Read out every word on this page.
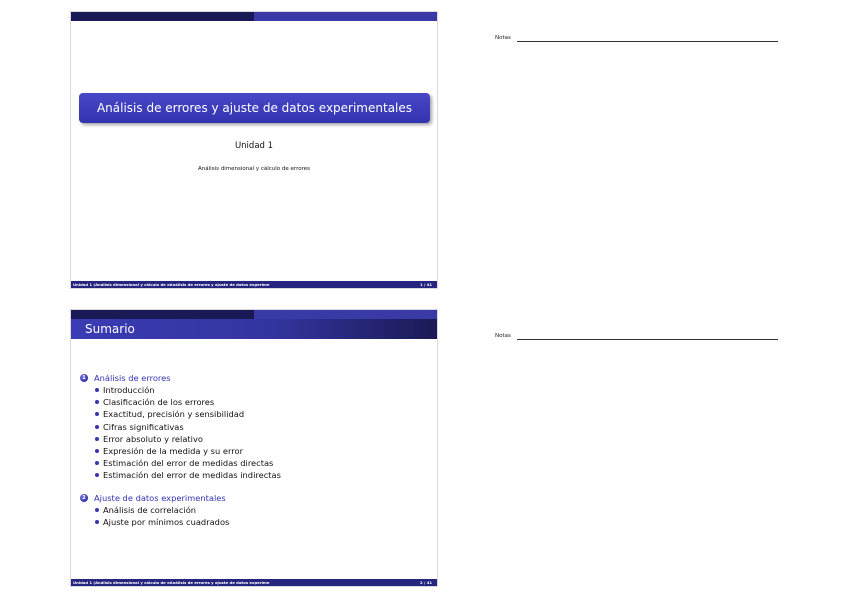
Análisis de errores y ajuste de datos experimentales
Unidad 1
Análisis dimensional y cálculo de errores
Unidad 1 (Análisis dimensional y cálculo de eAnálisis de errores y ajuste de datos experime	1 / 41
Notas
Sumario
1 Análisis de errores
Introducción
Clasificación de los errores
Exactitud, precisión y sensibilidad
Cifras significativas
Error absoluto y relativo
Expresión de la medida y su error
Estimación del error de medidas directas
Estimación del error de medidas indirectas
2 Ajuste de datos experimentales
Análisis de correlación
Ajuste por mínimos cuadrados
Unidad 1 (Análisis dimensional y cálculo de eAnálisis de errores y ajuste de datos experime	2 / 41
Notas
